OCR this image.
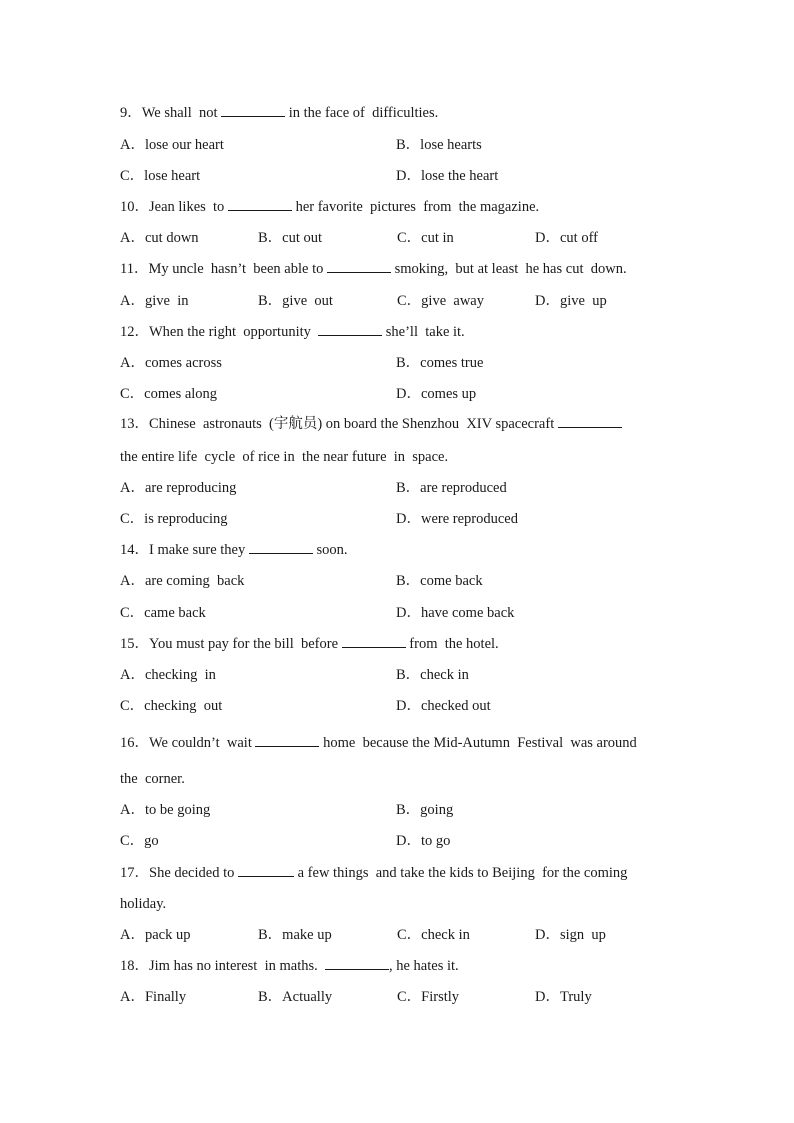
9．We shall  not	in the face of  difficulties.
A．lose our heart	B．lose hearts
C．lose heart	D．lose the heart
10．Jean likes  to	her favorite  pictures  from  the magazine.
A．cut down	B．cut out	C．cut in	D．cut off
11．My uncle  hasn’t  been able to	smoking,  but at least  he has cut  down.
A．give  in	B．give  out	C．give  away	D．give  up
12．When the right  opportunity	she’ll  take it.
A．comes across	B．comes true
C．comes along	D．comes up
13．Chinese  astronauts  (宇航员) on board the Shenzhou  XIV spacecraft
the entire life  cycle  of rice in  the near future  in  space.
A．are reproducing	B．are reproduced
C．is reproducing	D．were reproduced
14．I make sure they	soon.
A．are coming  back	B．come back
C．came back	D．have come back
15．You must pay for the bill  before	from  the hotel.
A．checking  in	B．check in
C．checking  out	D．checked out
16．We couldn’t  wait	home  because the Mid-Autumn  Festival  was around
the  corner.
A．to be going	B．going
C．go	D．to go
17．She decided to	a few things  and take the kids to Beijing  for the coming
holiday.
A．pack up	B．make up	C．check in	D．sign  up
18．Jim has no interest  in maths.	, he hates it.
A．Finally	B．Actually	C．Firstly	D．Truly
